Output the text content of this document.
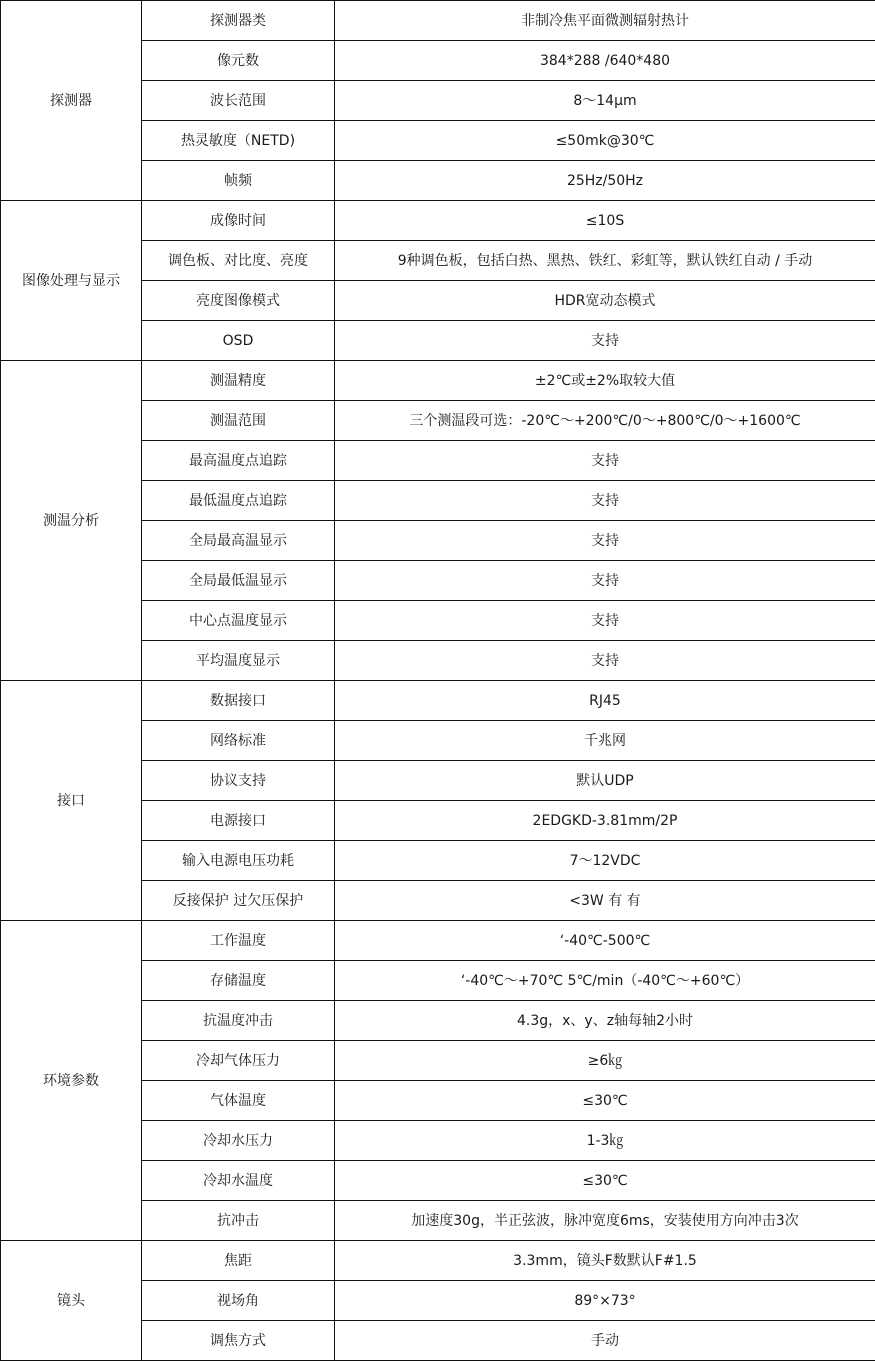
探测器	探测器类	非制冷焦平面微测辐射热计
	像元数	384*288 /640*480
	波长范围	8～14μm
	热灵敏度（NETD)	≤50mk@30℃
	帧频	25Hz/50Hz
图像处理与显示	成像时间	≤10S
	调色板、对比度、亮度	9种调色板，包括白热、黑热、铁红、彩虹等，默认铁红自动 / 手动
	亮度图像模式	HDR宽动态模式
	OSD	支持
测温分析	测温精度	±2℃或±2%取较大值
	测温范围	三个测温段可选：-20℃～+200℃/0～+800℃/0～+1600℃
	最高温度点追踪	支持
	最低温度点追踪	支持
	全局最高温显示	支持
	全局最低温显示	支持
	中心点温度显示	支持
	平均温度显示	支持
接口	数据接口	RJ45
	网络标准	千兆网
	协议支持	默认UDP
	电源接口	2EDGKD-3.81mm/2P
	输入电源电压功耗	7～12VDC
	反接保护 过欠压保护	<3W 有 有
环境参数	工作温度	‘-40℃-500℃
	存储温度	‘-40℃～+70℃ 5℃/min（-40℃～+60℃）
	抗温度冲击	4.3g，x、y、z轴每轴2小时
	冷却气体压力	≥6㎏
	气体温度	≤30℃
	冷却水压力	1-3㎏
	冷却水温度	≤30℃
	抗冲击	加速度30g，半正弦波，脉冲宽度6ms，安装使用方向冲击3次
镜头	焦距	3.3mm，镜头F数默认F#1.5
	视场角	89°×73°
	调焦方式	手动
